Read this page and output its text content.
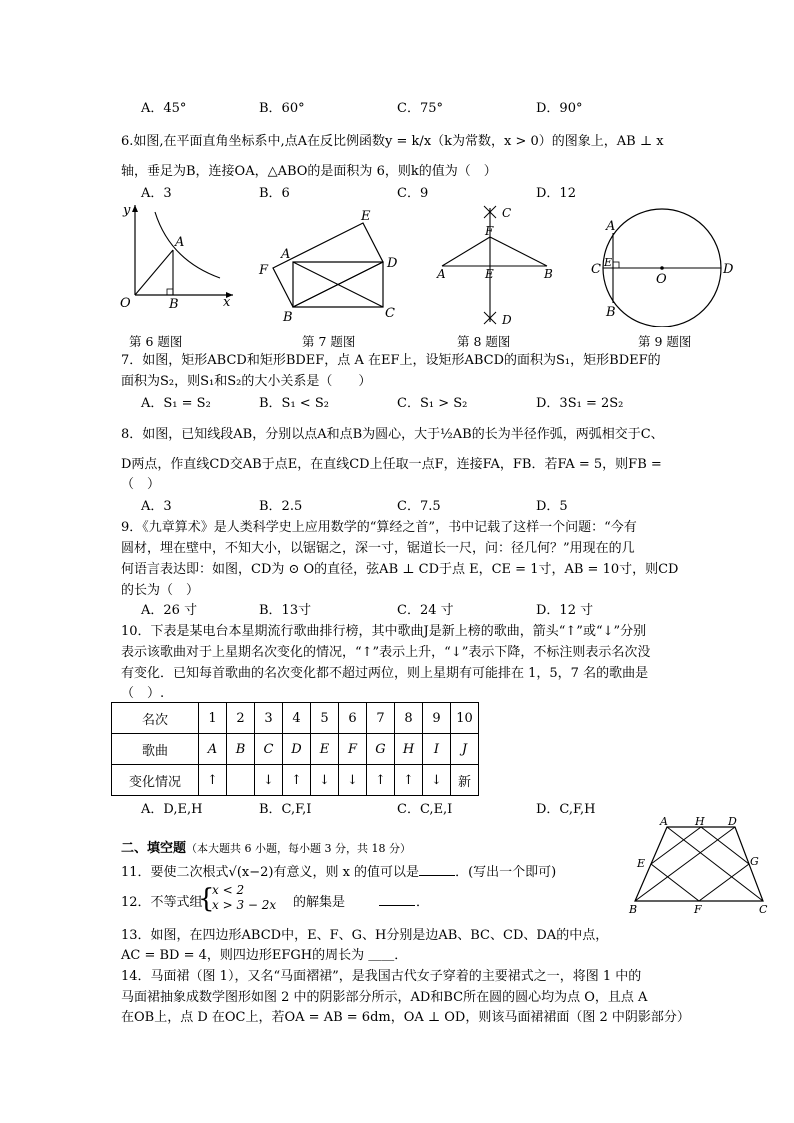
A．45°	B．60°	C．75°	D．90°
6.如图,在平面直角坐标系中,点A在反比例函数y = k/x（k为常数，x > 0）的图象上，AB ⊥ x
轴，垂足为B，连接OA，△ABO的是面积为 6，则k的值为（　）
A．3	B．6	C．9	D．12
y
x
O
A
B
第 6 题图
E
A
D
F
B	C
第 7 题图
C
F
A	E	B
D
第 8 题图
A
C E
O
D
B
第 9 题图
7．如图，矩形ABCD和矩形BDEF，点 A 在EF上，设矩形ABCD的面积为S₁，矩形BDEF的
面积为S₂，则S₁和S₂的大小关系是（　　）
A．S₁ = S₂	B．S₁ < S₂	C．S₁ > S₂	D．3S₁ = 2S₂
8．如图，已知线段AB，分别以点A和点B为圆心，大于½AB的长为半径作弧，两弧相交于C、
D两点，作直线CD交AB于点E，在直线CD上任取一点F，连接FA，FB．若FA = 5，则FB =
（　）
A．3	B．2.5	C．7.5	D．5
9．《九章算术》是人类科学史上应用数学的“算经之首”，书中记载了这样一个问题：“今有
圆材，埋在壁中，不知大小，以锯锯之，深一寸，锯道长一尺，问：径几何？”用现在的几
何语言表达即：如图，CD为 ⊙ O的直径，弦AB ⊥ CD于点 E，CE = 1寸，AB = 10寸，则CD
的长为（　）
A．26 寸	B．13寸	C．24 寸	D．12 寸
10．下表是某电台本星期流行歌曲排行榜，其中歌曲J是新上榜的歌曲，箭头“↑”或“↓”分别
表示该歌曲对于上星期名次变化的情况，“↑”表示上升，“↓”表示下降，不标注则表示名次没
有变化．已知每首歌曲的名次变化都不超过两位，则上星期有可能排在 1，5，7 名的歌曲是
（　）.
名次	1	2	3	4	5	6	7	8	9	10
歌曲	A	B	C	D	E	F	G	H	I	J
变化情况	↑		↓	↑	↓	↓	↑	↑	↓	新
A．D,E,H	B．C,F,I	C．C,E,I	D．C,F,H
二、填空题（本大题共 6 小题，每小题 3 分，共 18 分）
11．要使二次根式√(x−2)有意义，则 x 的值可以是	．(写出一个即可)
12．不等式组
{
x < 2
x > 3 − 2x 的解集是	．
13．如图，在四边形ABCD中，E、F、G、H分别是边AB、BC、CD、DA的中点，
AC = BD = 4，则四边形EFGH的周长为 ＿＿．
A H D
E	G
B	F	C
14．马面裙（图 1），又名“马面褶裙”，是我国古代女子穿着的主要裙式之一，将图 1 中的
马面裙抽象成数学图形如图 2 中的阴影部分所示，AD和BC所在圆的圆心均为点 O，且点 A
在OB上，点 D 在OC上，若OA = AB = 6dm，OA ⊥ OD，则该马面裙裙面（图 2 中阴影部分）
